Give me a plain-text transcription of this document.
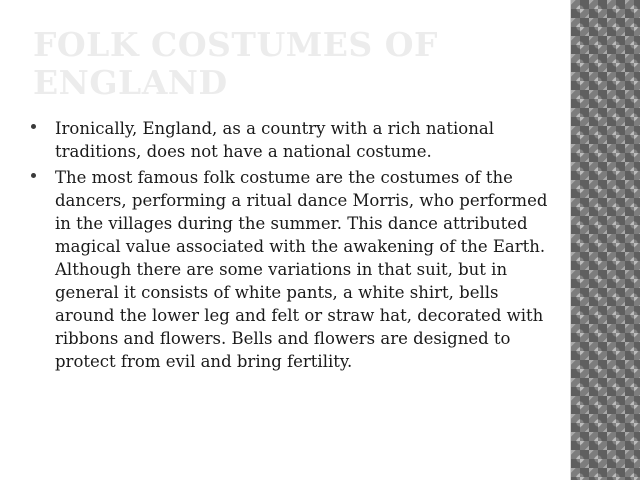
FOLK COSTUMES OF ENGLAND
Ironically, England, as a country with a rich national traditions, does not have a national costume.
The most famous folk costume are the costumes of the dancers, performing a ritual dance Morris, who performed in the villages during the summer. This dance attributed magical value associated with the awakening of the Earth. Although there are some variations in that suit, but in general it consists of white pants, a white shirt, bells around the lower leg and felt or straw hat, decorated with ribbons and flowers. Bells and flowers are designed to protect from evil and bring fertility.
